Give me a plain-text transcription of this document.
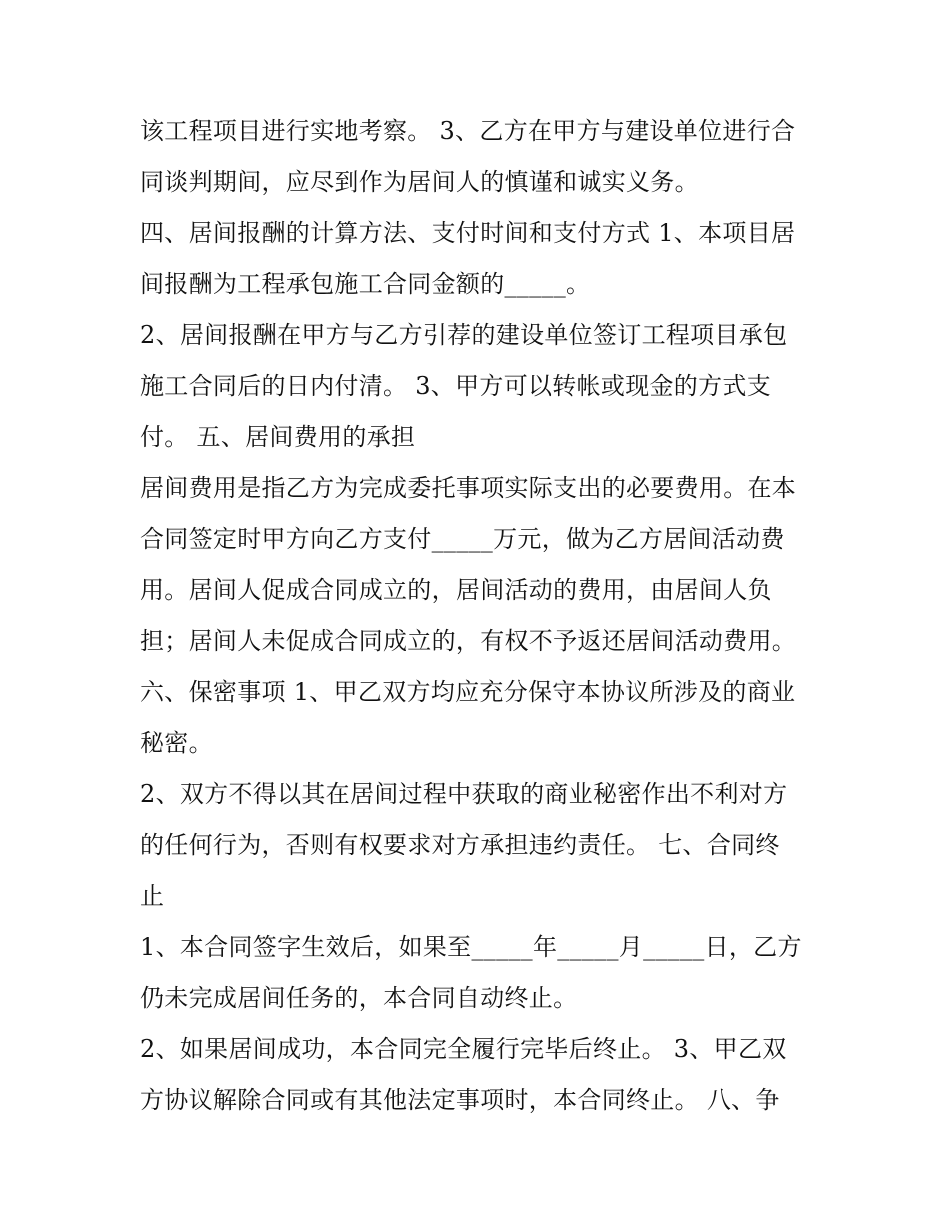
该工程项目进行实地考察。 3、乙方在甲方与建设单位进行合
同谈判期间，应尽到作为居间人的慎谨和诚实义务。
四、居间报酬的计算方法、支付时间和支付方式 1、本项目居
间报酬为工程承包施工合同金额的_____。
2、居间报酬在甲方与乙方引荐的建设单位签订工程项目承包
施工合同后的日内付清。 3、甲方可以转帐或现金的方式支
付。 五、居间费用的承担
居间费用是指乙方为完成委托事项实际支出的必要费用。在本
合同签定时甲方向乙方支付_____万元，做为乙方居间活动费
用。居间人促成合同成立的，居间活动的费用，由居间人负
担；居间人未促成合同成立的，有权不予返还居间活动费用。
六、保密事项 1、甲乙双方均应充分保守本协议所涉及的商业
秘密。
2、双方不得以其在居间过程中获取的商业秘密作出不利对方
的任何行为，否则有权要求对方承担违约责任。 七、合同终
止
1、本合同签字生效后，如果至_____年_____月_____日，乙方
仍未完成居间任务的，本合同自动终止。
2、如果居间成功，本合同完全履行完毕后终止。 3、甲乙双
方协议解除合同或有其他法定事项时，本合同终止。 八、争
